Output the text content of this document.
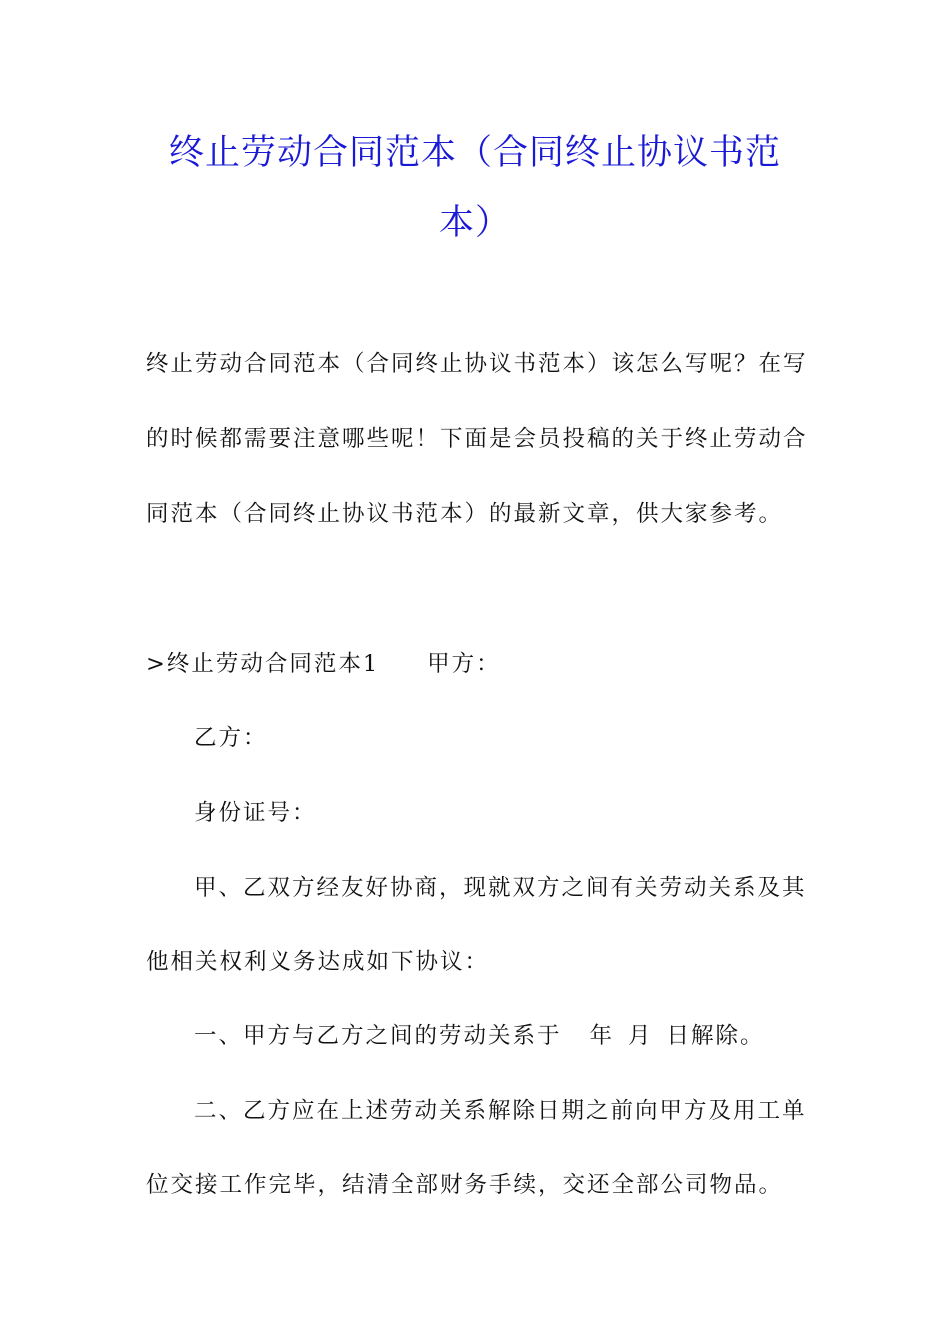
终止劳动合同范本（合同终止协议书范
本）
终止劳动合同范本（合同终止协议书范本）该怎么写呢？在写
的时候都需要注意哪些呢！下面是会员投稿的关于终止劳动合
同范本（合同终止协议书范本）的最新文章，供大家参考。
>终止劳动合同范本1 甲方：
乙方：
身份证号：
甲、乙双方经友好协商，现就双方之间有关劳动关系及其
他相关权利义务达成如下协议：
一、甲方与乙方之间的劳动关系于 年 月 日解除。
二、乙方应在上述劳动关系解除日期之前向甲方及用工单
位交接工作完毕，结清全部财务手续，交还全部公司物品。
